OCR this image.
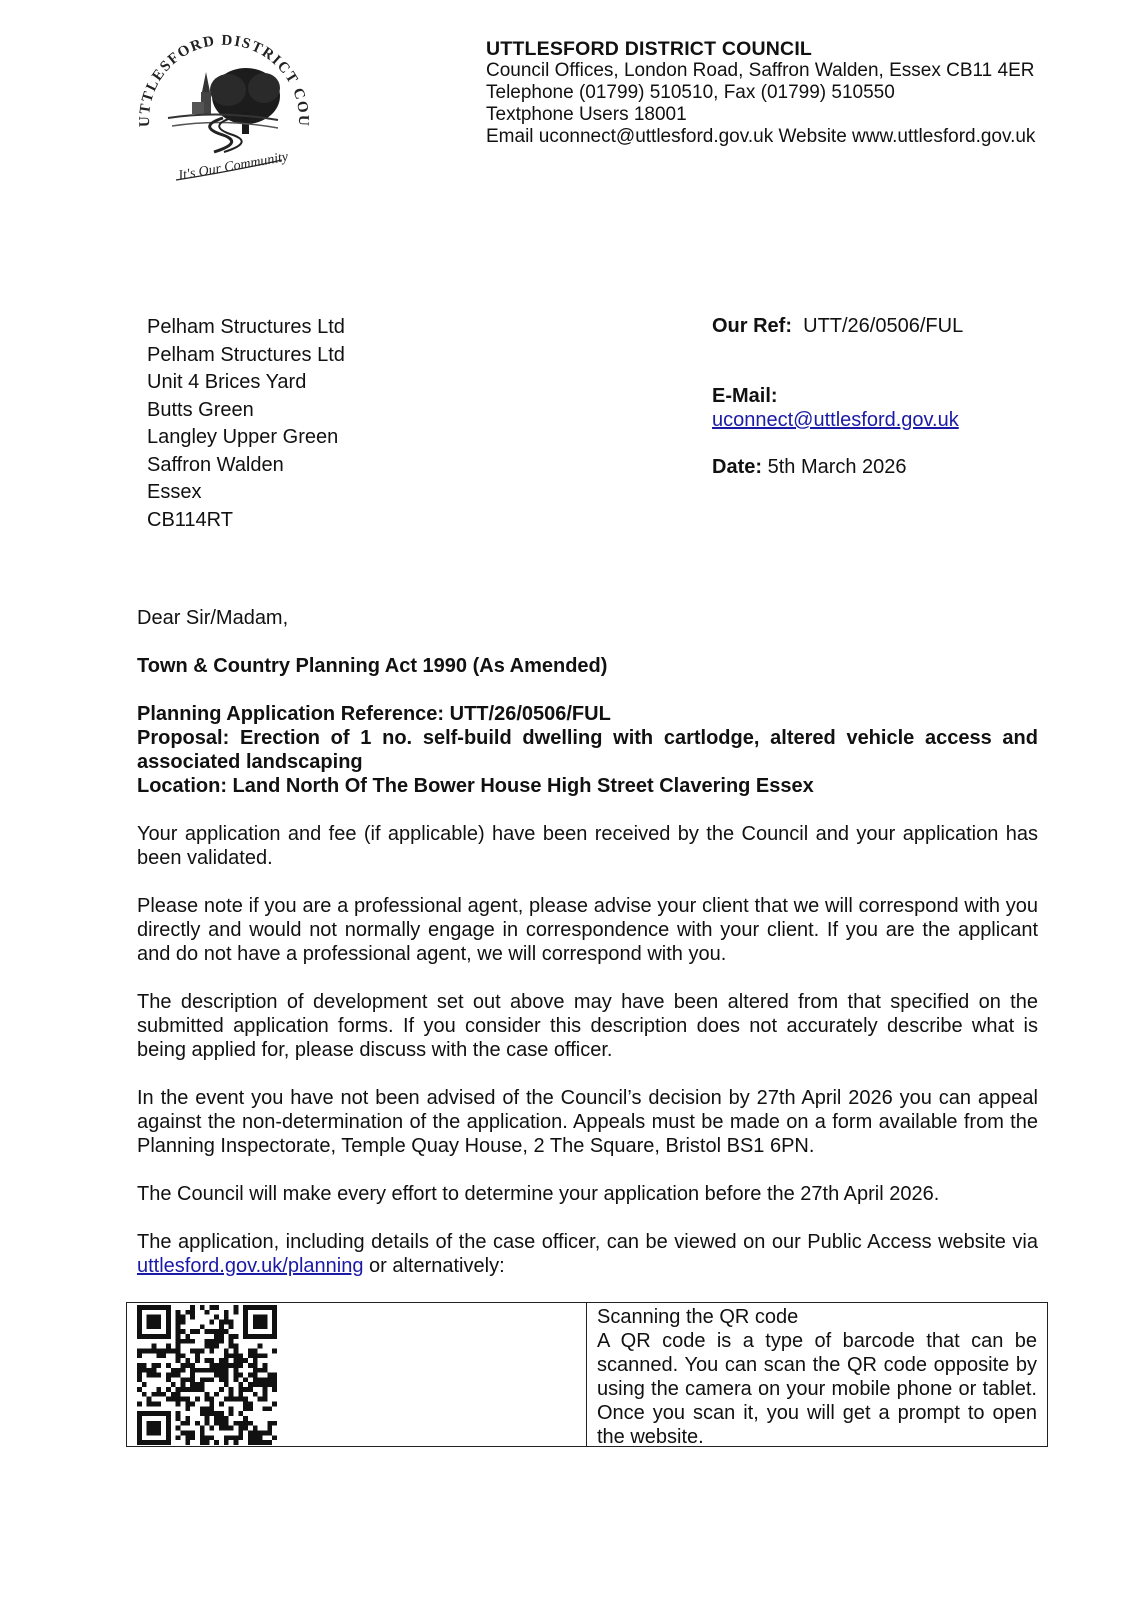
UTTLESFORD DISTRICT COU
It's Our Community
UTTLESFORD DISTRICT COUNCIL
Council Offices, London Road, Saffron Walden, Essex CB11 4ER
Telephone (01799) 510510, Fax (01799) 510550
Textphone Users 18001
Email uconnect@uttlesford.gov.uk Website www.uttlesford.gov.uk
Pelham Structures Ltd
Pelham Structures Ltd
Unit 4 Brices Yard
Butts Green
Langley Upper Green
Saffron Walden
Essex
CB114RT
Our Ref: UTT/26/0506/FUL
E-Mail:
uconnect@uttlesford.gov.uk
Date: 5th March 2026

Dear Sir/Madam,

Town & Country Planning Act 1990 (As Amended)

Planning Application Reference: UTT/26/0506/FUL
Proposal: Erection of 1 no. self-build dwelling with cartlodge, altered vehicle access and associated landscaping
Location: Land North Of The Bower House High Street Clavering Essex

Your application and fee (if applicable) have been received by the Council and your application has been validated.

Please note if you are a professional agent, please advise your client that we will correspond with you directly and would not normally engage in correspondence with your client. If you are the applicant and do not have a professional agent, we will correspond with you.

The description of development set out above may have been altered from that specified on the submitted application forms. If you consider this description does not accurately describe what is being applied for, please discuss with the case officer.

In the event you have not been advised of the Council’s decision by 27th April 2026 you can appeal against the non-determination of the application. Appeals must be made on a form available from the Planning Inspectorate, Temple Quay House, 2 The Square, Bristol BS1 6PN.

The Council will make every effort to determine your application before the 27th April 2026.

The application, including details of the case officer, can be viewed on our Public Access website via uttlesford.gov.uk/planning or alternatively:

Scanning the QR code
A QR code is a type of barcode that can be scanned. You can scan the QR code opposite by using the camera on your mobile phone or tablet. Once you scan it, you will get a prompt to open the website.
